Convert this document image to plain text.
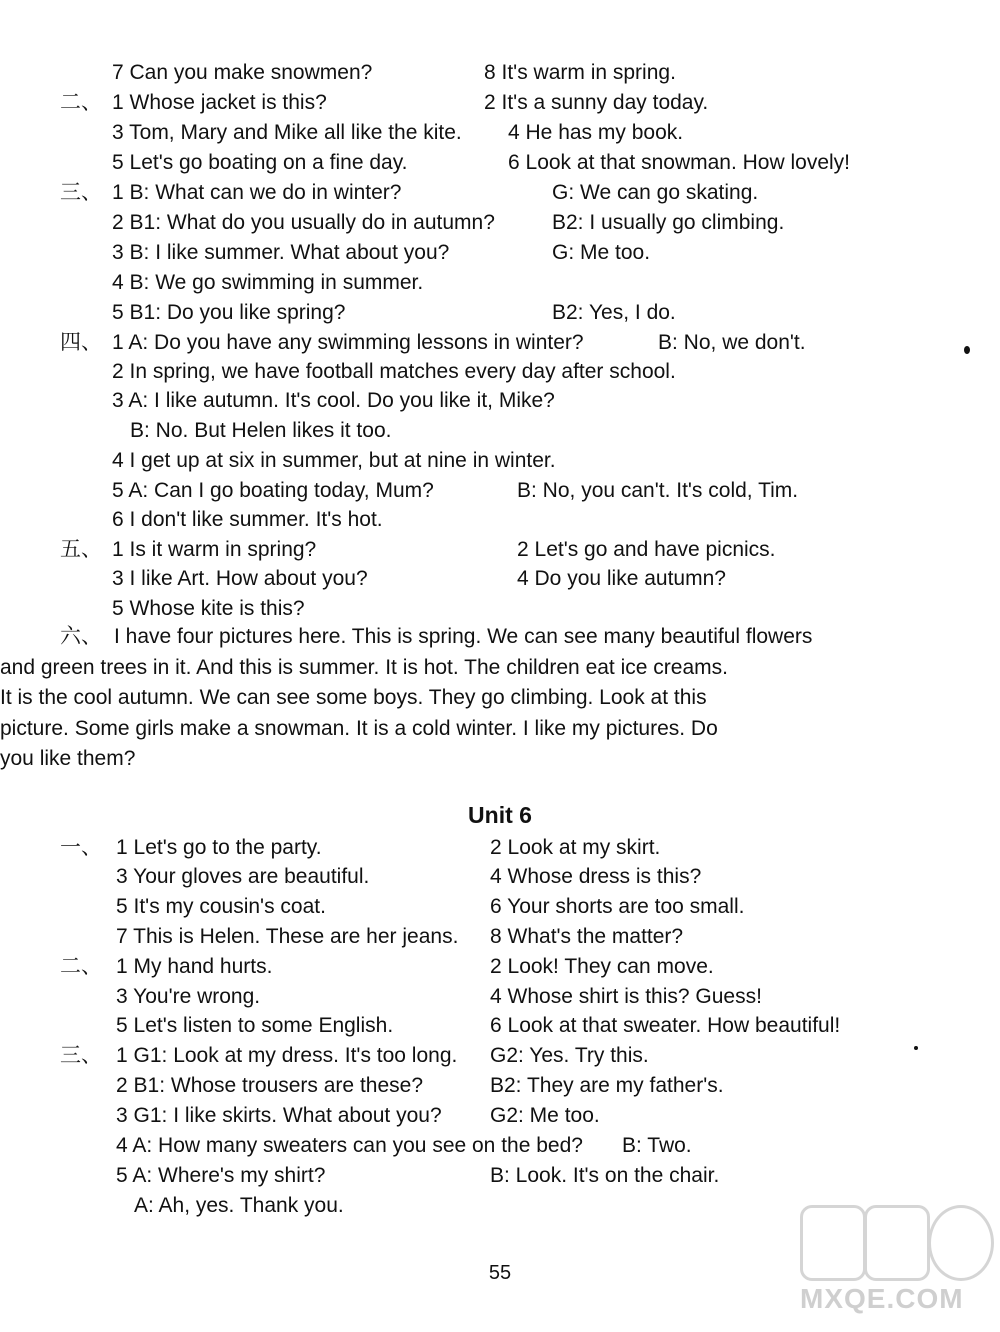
7 Can you make snowmen?	8 It's warm in spring.
二、 1 Whose jacket is this?	2 It's a sunny day today.
3 Tom, Mary and Mike all like the kite. 4 He has my book.
5 Let's go boating on a fine day.	6 Look at that snowman. How lovely!
三、 1 B: What can we do in winter?	G: We can go skating.
2 B1: What do you usually do in autumn?	B2: I usually go climbing.
3 B: I like summer. What about you?	G: Me too.
4 B: We go swimming in summer.
5 B1: Do you like spring?	B2: Yes, I do.
四、 1 A: Do you have any swimming lessons in winter?	B: No, we don't.
2 In spring, we have football matches every day after school.
3 A: I like autumn. It's cool. Do you like it, Mike?
B: No. But Helen likes it too.
4 I get up at six in summer, but at nine in winter.
5 A: Can I go boating today, Mum?	B: No, you can't. It's cold, Tim.
6 I don't like summer. It's hot.
五、 1 Is it warm in spring?	2 Let's go and have picnics.
3 I like Art. How about you?	4 Do you like autumn?
5 Whose kite is this?
六、 I have four pictures here. This is spring. We can see many beautiful flowers
and green trees in it. And this is summer. It is hot. The children eat ice creams.
It is the cool autumn. We can see some boys. They go climbing. Look at this
picture. Some girls make a snowman. It is a cold winter. I like my pictures. Do
you like them?
Unit 6
一、 1 Let's go to the party.	2 Look at my skirt.
3 Your gloves are beautiful.	4 Whose dress is this?
5 It's my cousin's coat.	6 Your shorts are too small.
7 This is Helen. These are her jeans. 8 What's the matter?
二、 1 My hand hurts.	2 Look! They can move.
3 You're wrong.	4 Whose shirt is this? Guess!
5 Let's listen to some English.	6 Look at that sweater. How beautiful!
三、 1 G1: Look at my dress. It's too long. G2: Yes. Try this.
2 B1: Whose trousers are these?	B2: They are my father's.
3 G1: I like skirts. What about you? G2: Me too.
4 A: How many sweaters can you see on the bed? B: Two.
5 A: Where's my shirt?	B: Look. It's on the chair.
A: Ah, yes. Thank you.
55
MXQE.COM
